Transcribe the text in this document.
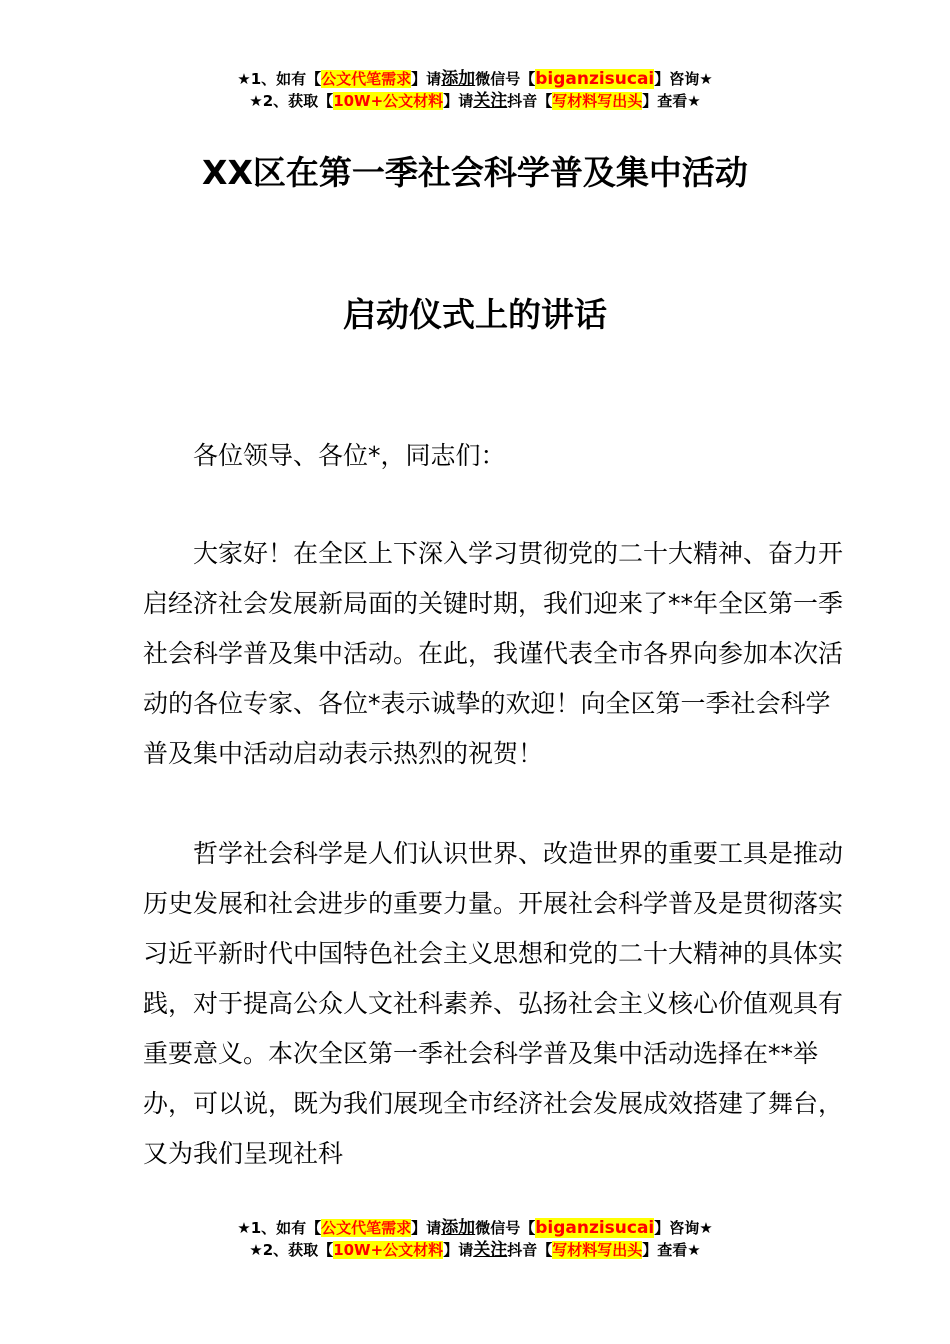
★1、如有【公文代笔需求】请添加微信号【biganzisucai】咨询★
★2、获取【10W+公文材料】请关注抖音【写材料写出头】查看★
XX区在第一季社会科学普及集中活动
启动仪式上的讲话

各位领导、各位*，同志们：

大家好！在全区上下深入学习贯彻党的二十大精神、奋力开启经济社会发展新局面的关键时期，我们迎来了**年全区第一季社会科学普及集中活动。在此，我谨代表全市各界向参加本次活动的各位专家、各位*表示诚挚的欢迎！向全区第一季社会科学普及集中活动启动表示热烈的祝贺！

哲学社会科学是人们认识世界、改造世界的重要工具是推动历史发展和社会进步的重要力量。开展社会科学普及是贯彻落实习近平新时代中国特色社会主义思想和党的二十大精神的具体实践，对于提高公众人文社科素养、弘扬社会主义核心价值观具有重要意义。本次全区第一季社会科学普及集中活动选择在**举办，可以说，既为我们展现全市经济社会发展成效搭建了舞台，又为我们呈现社科

★1、如有【公文代笔需求】请添加微信号【biganzisucai】咨询★
★2、获取【10W+公文材料】请关注抖音【写材料写出头】查看★
